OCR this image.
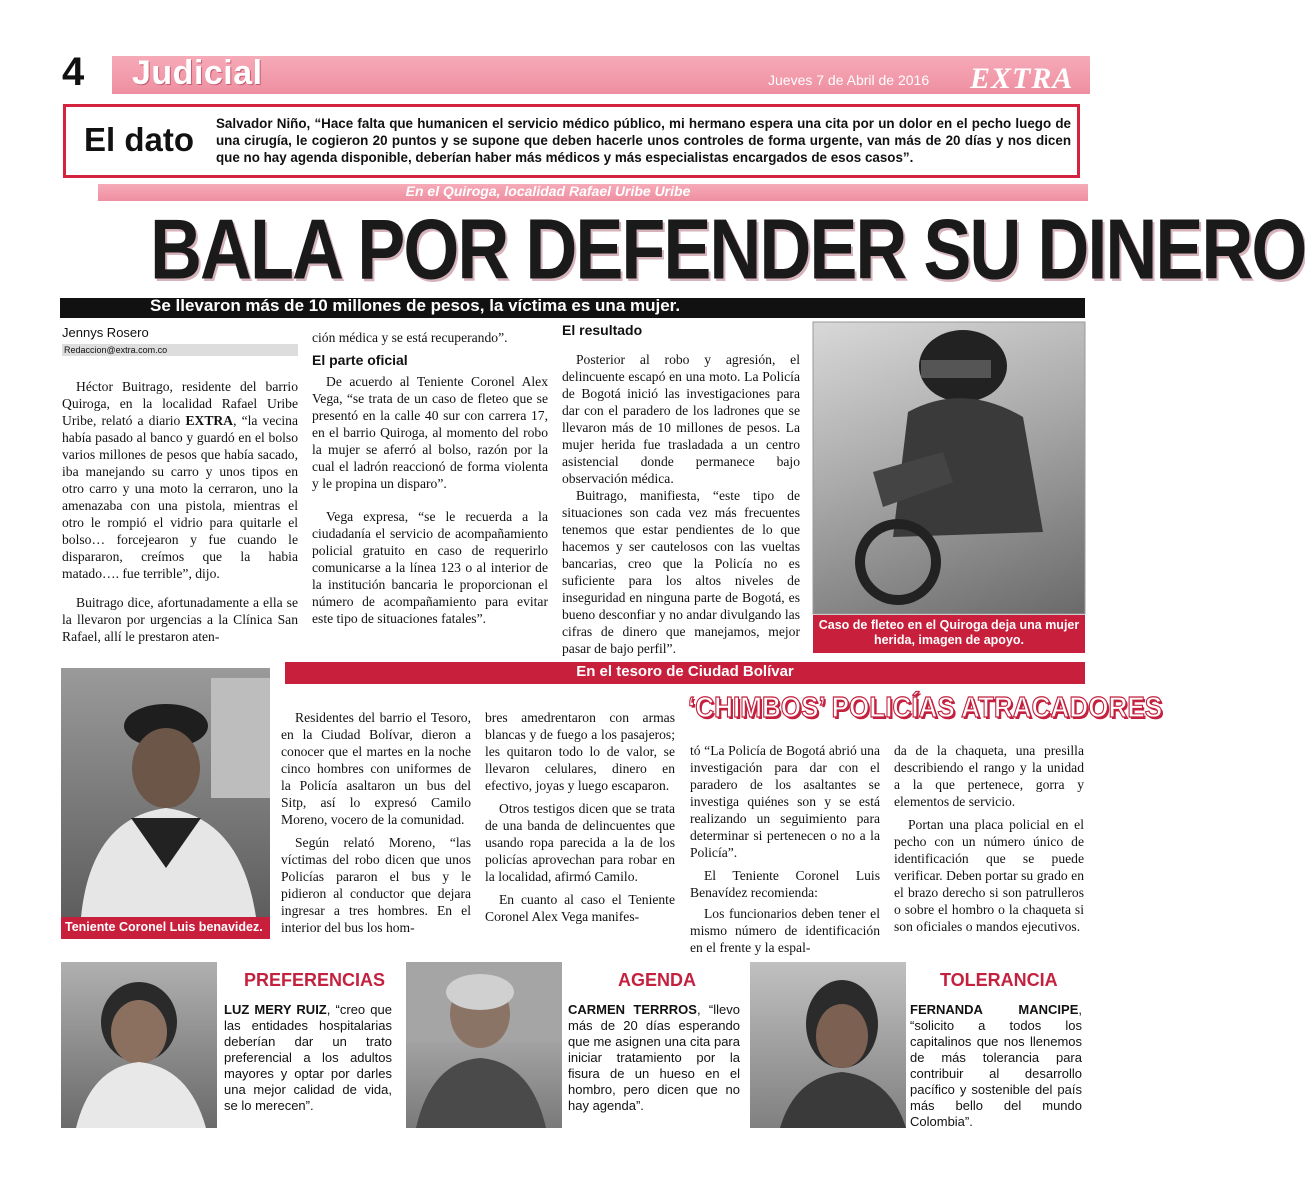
4 Judicial	Jueves 7 de Abril de 2016 EXTRA
El dato Salvador Niño, “Hace falta que humanicen el servicio médico público, mi hermano espera una cita por un dolor en el pecho luego de una cirugía, le cogieron 20 puntos y se supone que deben hacerle unos controles de forma urgente, van más de 20 días y nos dicen que no hay agenda disponible, deberían haber más médicos y más especialistas encargados de esos casos”.
En el Quiroga, localidad Rafael Uribe Uribe
BALA POR DEFENDER SU DINERO
Se llevaron más de 10 millones de pesos, la víctima es una mujer.
Jennys Rosero
Redaccion@extra.com.co

Héctor Buitrago, residente del barrio Quiroga, en la localidad Rafael Uribe Uribe, relató a diario EXTRA, “la vecina había pasado al banco y guardó en el bolso varios millones de pesos que había sacado, iba manejando su carro y unos tipos en otro carro y una moto la cerraron, uno la amenazaba con una pistola, mientras el otro le rompió el vidrio para quitarle el bolso… forcejearon y fue cuando le dispararon, creímos que la habia matado…. fue terrible”, dijo.

Buitrago dice, afortunadamente a ella se la llevaron por urgencias a la Clínica San Rafael, allí le prestaron aten-

ción médica y se está recuperando”.

El parte oficial

De acuerdo al Teniente Coronel Alex Vega, “se trata de un caso de fleteo que se presentó en la calle 40 sur con carrera 17, en el barrio Quiroga, al momento del robo la mujer se aferró al bolso, razón por la cual el ladrón reaccionó de forma violenta y le propina un disparo”.

Vega expresa, “se le recuerda a la ciudadanía el servicio de acompañamiento policial gratuito en caso de requerirlo comunicarse a la línea 123 o al interior de la institución bancaria le proporcionan el número de acompañamiento para evitar este tipo de situaciones fatales”.

El resultado

Posterior al robo y agresión, el delincuente escapó en una moto. La Policía de Bogotá inició las investigaciones para dar con el paradero de los ladrones que se llevaron más de 10 millones de pesos. La mujer herida fue trasladada a un centro asistencial donde permanece bajo observación médica.

Buitrago, manifiesta, “este tipo de situaciones son cada vez más frecuentes tenemos que estar pendientes de lo que hacemos y ser cautelosos con las vueltas bancarias, creo que la Policía no es suficiente para los altos niveles de inseguridad en ninguna parte de Bogotá, es bueno desconfiar y no andar divulgando las cifras de dinero que manejamos, mejor pasar de bajo perfil”.

Caso de fleteo en el Quiroga deja una mujer herida, imagen de apoyo.
En el tesoro de Ciudad Bolívar
Teniente Coronel Luis benavidez.

Residentes del barrio el Tesoro, en la Ciudad Bolívar, dieron a conocer que el martes en la noche cinco hombres con uniformes de la Policía asaltaron un bus del Sitp, así lo expresó Camilo Moreno, vocero de la comunidad.

Según relató Moreno, “las víctimas del robo dicen que unos Policías pararon el bus y le pidieron al conductor que dejara ingresar a tres hombres. En el interior del bus los hom-

bres amedrentaron con armas blancas y de fuego a los pasajeros; les quitaron todo lo de valor, se llevaron celulares, dinero en efectivo, joyas y luego escaparon.

Otros testigos dicen que se trata de una banda de delincuentes que usando ropa parecida a la de los policías aprovechan para robar en la localidad, afirmó Camilo.

En cuanto al caso el Teniente Coronel Alex Vega manifes-

‘CHIMBOS’ POLICÍAS ATRACADORES

tó “La Policía de Bogotá abrió una investigación para dar con el paradero de los asaltantes se investiga quiénes son y se está realizando un seguimiento para determinar si pertenecen o no a la Policía”.

El Teniente Coronel Luis Benavídez recomienda:

Los funcionarios deben tener el mismo número de identificación en el frente y la espal-

da de la chaqueta, una presilla describiendo el rango y la unidad a la que pertenece, gorra y elementos de servicio.

Portan una placa policial en el pecho con un número único de identificación que se puede verificar. Deben portar su grado en el brazo derecho si son patrulleros o sobre el hombro o la chaqueta si son oficiales o mandos ejecutivos.

PREFERENCIAS
LUZ MERY RUIZ, “creo que las entidades hospitalarias deberían dar un trato preferencial a los adultos mayores y optar por darles una mejor calidad de vida, se lo merecen”.
AGENDA
CARMEN TERRROS, “llevo más de 20 días esperando que me asignen una cita para iniciar tratamiento por la fisura de un hueso en el hombro, pero dicen que no hay agenda”.
TOLERANCIA
FERNANDA MANCIPE, “solicito a todos los capitalinos que nos llenemos de más tolerancia para contribuir al desarrollo pacífico y sostenible del país más bello del mundo Colombia”.
